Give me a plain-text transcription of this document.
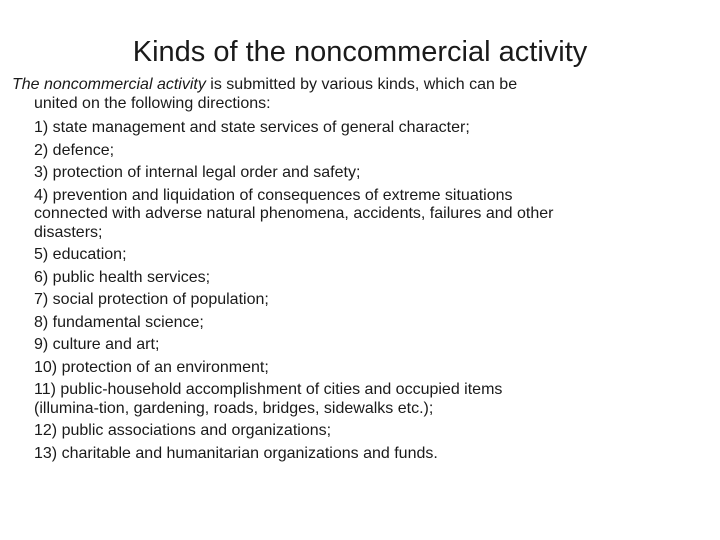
Kinds of the noncommercial activity

The noncommercial activity is submitted by various kinds, which can be
united on the following directions:

1) state management and state services of general character;
2) defence;
3) protection of internal legal order and safety;
4) prevention and liquidation of consequences of extreme situations
connected with adverse natural phenomena, accidents, failures and other
disasters;
5) education;
6) public health services;
7) social protection of population;
8) fundamental science;
9) culture and art;
10) protection of an environment;
11) public-household accomplishment of cities and occupied items
(illumina-tion, gardening, roads, bridges, sidewalks etc.);
12) public associations and organizations;
13) charitable and humanitarian organizations and funds.
